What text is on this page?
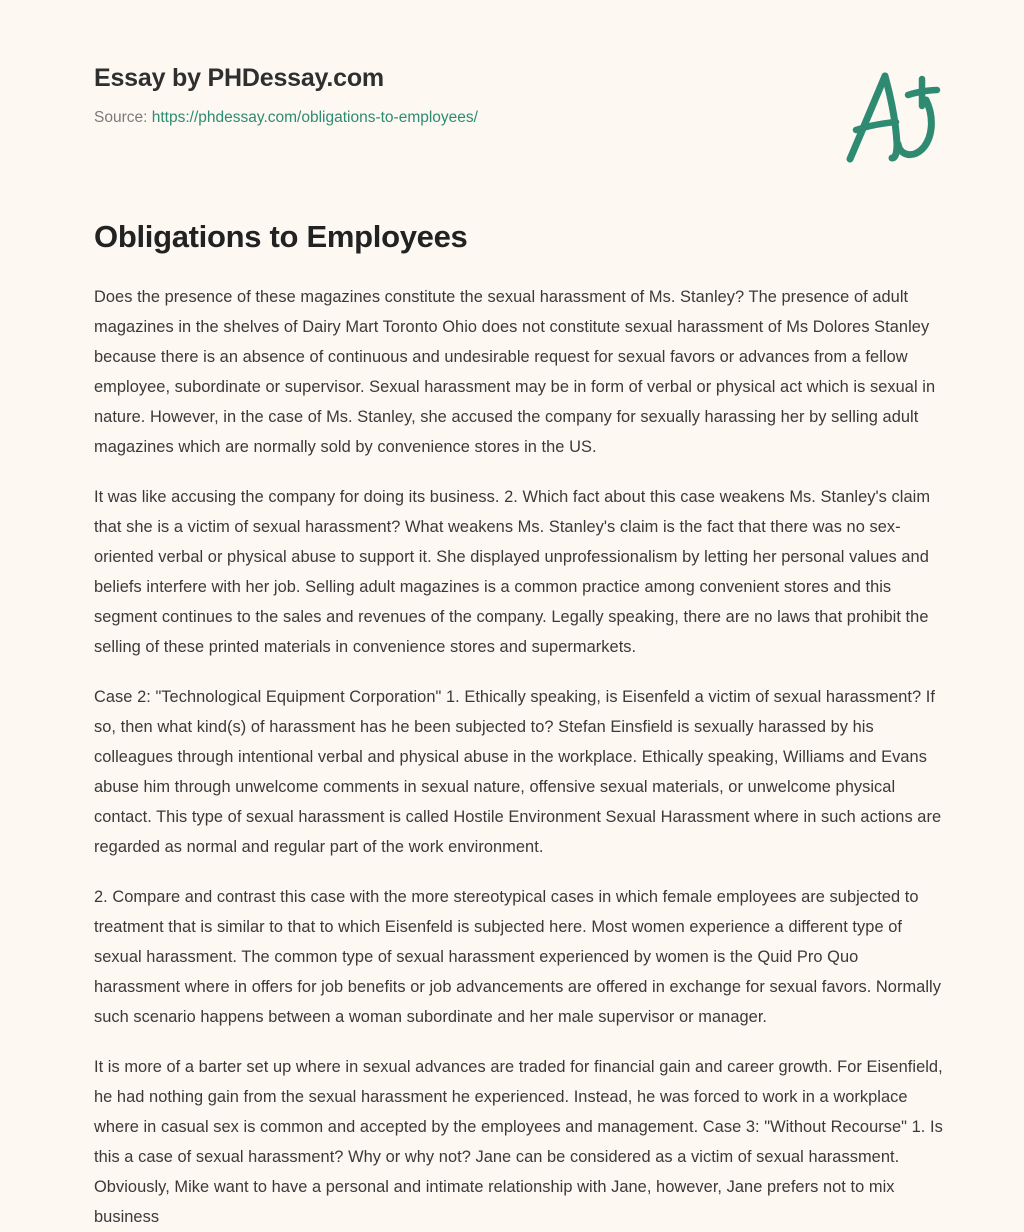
Essay by PHDessay.com
Source: https://phdessay.com/obligations-to-employees/
Obligations to Employees

Does the presence of these magazines constitute the sexual harassment of Ms. Stanley? The presence of adult magazines in the shelves of Dairy Mart Toronto Ohio does not constitute sexual harassment of Ms Dolores Stanley because there is an absence of continuous and undesirable request for sexual favors or advances from a fellow employee, subordinate or supervisor. Sexual harassment may be in form of verbal or physical act which is sexual in nature. However, in the case of Ms. Stanley, she accused the company for sexually harassing her by selling adult magazines which are normally sold by convenience stores in the US.

It was like accusing the company for doing its business. 2. Which fact about this case weakens Ms. Stanley's claim that she is a victim of sexual harassment? What weakens Ms. Stanley's claim is the fact that there was no sex-oriented verbal or physical abuse to support it. She displayed unprofessionalism by letting her personal values and beliefs interfere with her job. Selling adult magazines is a common practice among convenient stores and this segment continues to the sales and revenues of the company. Legally speaking, there are no laws that prohibit the selling of these printed materials in convenience stores and supermarkets.

Case 2: "Technological Equipment Corporation" 1. Ethically speaking, is Eisenfeld a victim of sexual harassment? If so, then what kind(s) of harassment has he been subjected to? Stefan Einsfield is sexually harassed by his colleagues through intentional verbal and physical abuse in the workplace. Ethically speaking, Williams and Evans abuse him through unwelcome comments in sexual nature, offensive sexual materials, or unwelcome physical contact. This type of sexual harassment is called Hostile Environment Sexual Harassment where in such actions are regarded as normal and regular part of the work environment.

2. Compare and contrast this case with the more stereotypical cases in which female employees are subjected to treatment that is similar to that to which Eisenfeld is subjected here. Most women experience a different type of sexual harassment. The common type of sexual harassment experienced by women is the Quid Pro Quo harassment where in offers for job benefits or job advancements are offered in exchange for sexual favors. Normally such scenario happens between a woman subordinate and her male supervisor or manager.

It is more of a barter set up where in sexual advances are traded for financial gain and career growth. For Eisenfield, he had nothing gain from the sexual harassment he experienced. Instead, he was forced to work in a workplace where in casual sex is common and accepted by the employees and management. Case 3: "Without Recourse" 1. Is this a case of sexual harassment? Why or why not? Jane can be considered as a victim of sexual harassment. Obviously, Mike want to have a personal and intimate relationship with Jane, however, Jane prefers not to mix business
